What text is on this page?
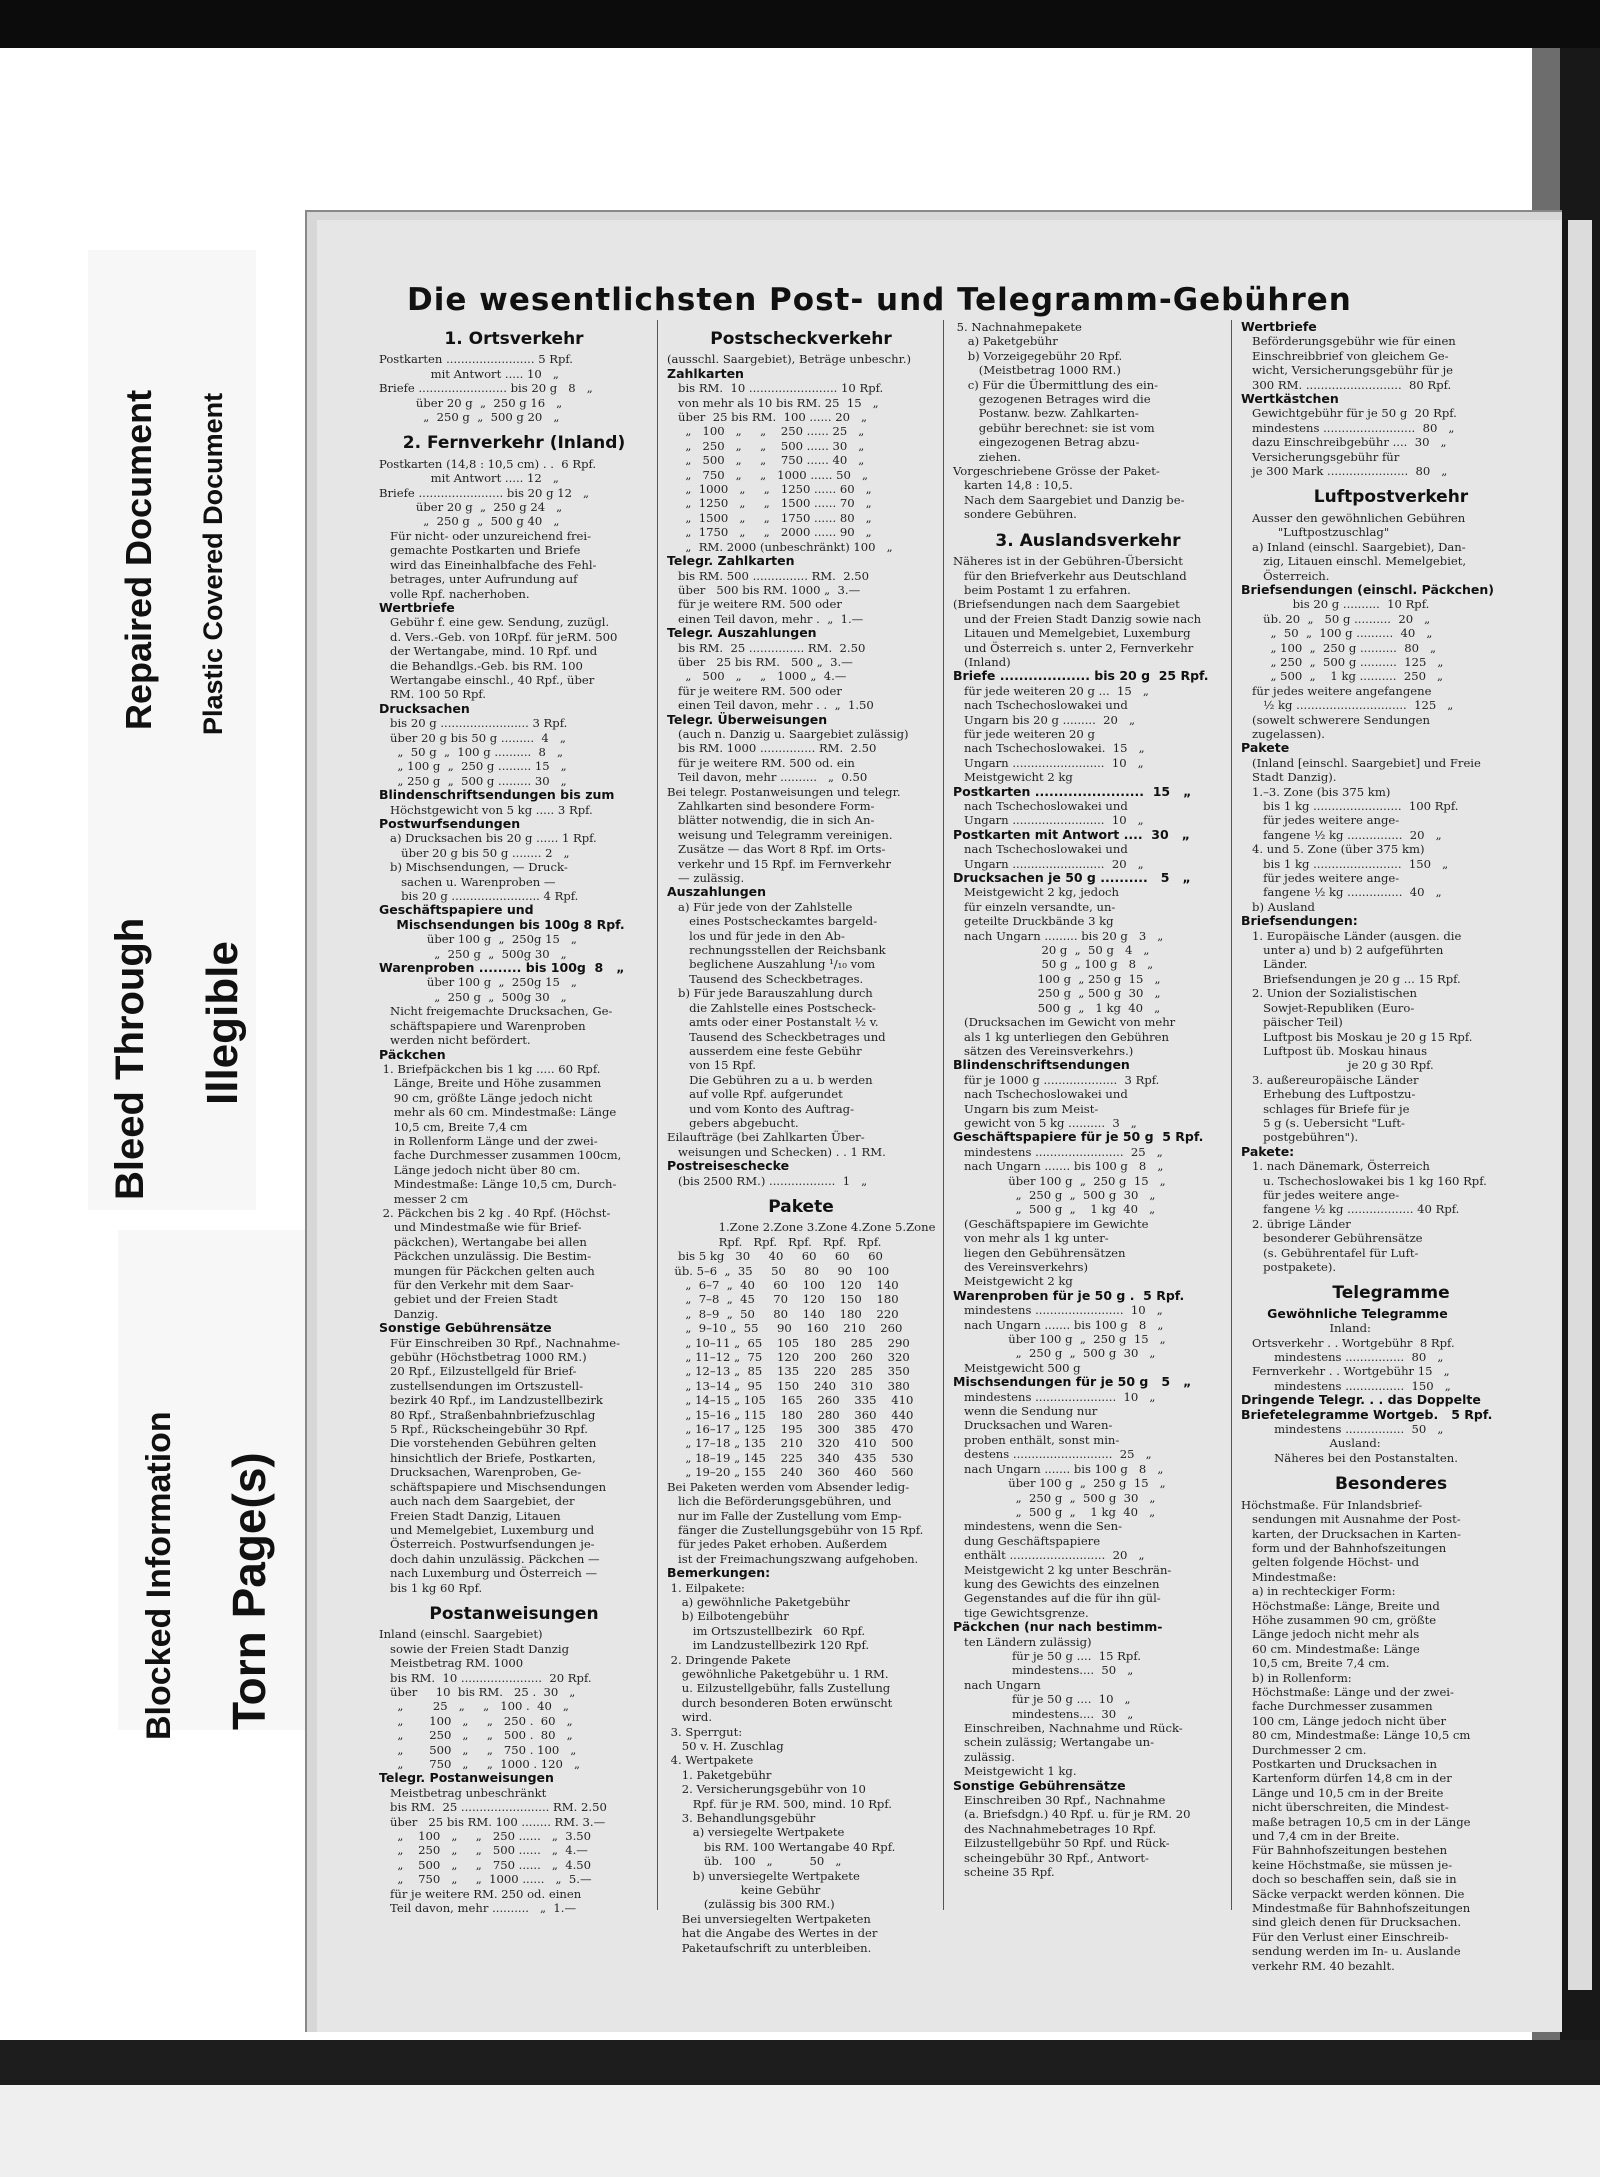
Bleed Through Illegible
Repaired Document Plastic Covered Document
Blocked Information Torn Page(s)
Die wesentlichsten Post- und Telegramm-Gebühren
1. Ortsverkehr
Postkarten ........................ 5 Rpf.
mit Antwort ..... 10   „
Briefe ........................ bis 20 g   8   „
über 20 g  „  250 g 16   „
„  250 g  „  500 g 20   „
2. Fernverkehr (Inland)
Postkarten (14,8 : 10,5 cm) . .  6 Rpf.
mit Antwort ..... 12   „
Briefe ....................... bis 20 g 12   „
über 20 g  „  250 g 24   „
„  250 g  „  500 g 40   „
Für nicht- oder unzureichend frei-
gemachte Postkarten und Briefe
wird das Eineinhalbfache des Fehl-
betrages, unter Aufrundung auf
volle Rpf. nacherhoben.
Wertbriefe
Gebühr f. eine gew. Sendung, zuzügl.
d. Vers.-Geb. von 10Rpf. für jeRM. 500
der Wertangabe, mind. 10 Rpf. und
die Behandlgs.-Geb. bis RM. 100
Wertangabe einschl., 40 Rpf., über
RM. 100 50 Rpf.
Drucksachen
bis 20 g ........................ 3 Rpf.
über 20 g bis 50 g .........  4   „
„  50 g  „  100 g ..........  8   „
„ 100 g  „  250 g ......... 15   „
„ 250 g  „  500 g ......... 30   „
Blindenschriftsendungen bis zum
Höchstgewicht von 5 kg ..... 3 Rpf.
Postwurfsendungen
a) Drucksachen bis 20 g ...... 1 Rpf.
über 20 g bis 50 g ........ 2   „
b) Mischsendungen, — Druck-
sachen u. Warenproben —
bis 20 g ........................ 4 Rpf.
Geschäftspapiere und
Mischsendungen bis 100g 8 Rpf.
über 100 g  „  250g 15   „
„  250 g  „  500g 30   „
Warenproben ......... bis 100g  8   „
über 100 g  „  250g 15   „
„  250 g  „  500g 30   „
Nicht freigemachte Drucksachen, Ge-
schäftspapiere und Warenproben
werden nicht befördert.
Päckchen
1. Briefpäckchen bis 1 kg ..... 60 Rpf.
Länge, Breite und Höhe zusammen
90 cm, größte Länge jedoch nicht
mehr als 60 cm. Mindestmaße: Länge
10,5 cm, Breite 7,4 cm
in Rollenform Länge und der zwei-
fache Durchmesser zusammen 100cm,
Länge jedoch nicht über 80 cm.
Mindestmaße: Länge 10,5 cm, Durch-
messer 2 cm
2. Päckchen bis 2 kg . 40 Rpf. (Höchst-
und Mindestmaße wie für Brief-
päckchen), Wertangabe bei allen
Päckchen unzulässig. Die Bestim-
mungen für Päckchen gelten auch
für den Verkehr mit dem Saar-
gebiet und der Freien Stadt
Danzig.
Sonstige Gebührensätze
Für Einschreiben 30 Rpf., Nachnahme-
gebühr (Höchstbetrag 1000 RM.)
20 Rpf., Eilzustellgeld für Brief-
zustellsendungen im Ortszustell-
bezirk 40 Rpf., im Landzustellbezirk
80 Rpf., Straßenbahnbriefzuschlag
5 Rpf., Rückscheingebühr 30 Rpf.
Die vorstehenden Gebühren gelten
hinsichtlich der Briefe, Postkarten,
Drucksachen, Warenproben, Ge-
schäftspapiere und Mischsendungen
auch nach dem Saargebiet, der
Freien Stadt Danzig, Litauen
und Memelgebiet, Luxemburg und
Österreich. Postwurfsendungen je-
doch dahin unzulässig. Päckchen —
nach Luxemburg und Österreich —
bis 1 kg 60 Rpf.
Postanweisungen
Inland (einschl. Saargebiet)
sowie der Freien Stadt Danzig
Meistbetrag RM. 1000
bis RM.  10 ......................  20 Rpf.
über     10  bis RM.   25 .  30   „
„        25   „     „   100 .  40   „
„       100   „     „   250 .  60   „
„       250   „     „   500 .  80   „
„       500   „     „   750 . 100   „
„       750   „     „  1000 . 120   „
Telegr. Postanweisungen
Meistbetrag unbeschränkt
bis RM.  25 ........................ RM. 2.50
über   25 bis RM. 100 ........ RM. 3.—
„    100   „     „   250 ......   „  3.50
„    250   „     „   500 ......   „  4.—
„    500   „     „   750 ......   „  4.50
„    750   „     „  1000 ......   „  5.—
für je weitere RM. 250 od. einen
Teil davon, mehr ..........   „  1.—
Postscheckverkehr
(ausschl. Saargebiet), Beträge unbeschr.)
Zahlkarten
bis RM.  10 ........................ 10 Rpf.
von mehr als 10 bis RM. 25  15   „
über  25 bis RM.  100 ...... 20   „
„   100   „     „    250 ...... 25   „
„   250   „     „    500 ...... 30   „
„   500   „     „    750 ...... 40   „
„   750   „     „   1000 ...... 50   „
„  1000   „     „   1250 ...... 60   „
„  1250   „     „   1500 ...... 70   „
„  1500   „     „   1750 ...... 80   „
„  1750   „     „   2000 ...... 90   „
„  RM. 2000 (unbeschränkt) 100   „
Telegr. Zahlkarten
bis RM. 500 ............... RM.  2.50
über   500 bis RM. 1000 „  3.—
für je weitere RM. 500 oder
einen Teil davon, mehr .  „  1.—
Telegr. Auszahlungen
bis RM.  25 ............... RM.  2.50
über   25 bis RM.   500 „  3.—
„   500   „     „   1000 „  4.—
für je weitere RM. 500 oder
einen Teil davon, mehr . .  „  1.50
Telegr. Überweisungen
(auch n. Danzig u. Saargebiet zulässig)
bis RM. 1000 ............... RM.  2.50
für je weitere RM. 500 od. ein
Teil davon, mehr ..........   „  0.50
Bei telegr. Postanweisungen und telegr.
Zahlkarten sind besondere Form-
blätter notwendig, die in sich An-
weisung und Telegramm vereinigen.
Zusätze — das Wort 8 Rpf. im Orts-
verkehr und 15 Rpf. im Fernverkehr
— zulässig.
Auszahlungen
a) Für jede von der Zahlstelle
eines Postscheckamtes bargeld-
los und für jede in den Ab-
rechnungsstellen der Reichsbank
beglichene Auszahlung ¹/₁₀ vom
Tausend des Scheckbetrages.
b) Für jede Barauszahlung durch
die Zahlstelle eines Postscheck-
amts oder einer Postanstalt ½ v.
Tausend des Scheckbetrages und
ausserdem eine feste Gebühr
von 15 Rpf.
Die Gebühren zu a u. b werden
auf volle Rpf. aufgerundet
und vom Konto des Auftrag-
gebers abgebucht.
Eilaufträge (bei Zahlkarten Über-
weisungen und Schecken) . . 1 RM.
Postreiseschecke
(bis 2500 RM.) ..................  1   „
Pakete
1.Zone 2.Zone 3.Zone 4.Zone 5.Zone
Rpf.   Rpf.   Rpf.   Rpf.   Rpf.
bis 5 kg   30     40     60     60     60
üb. 5–6  „  35     50     80     90    100
„  6–7  „  40     60    100    120    140
„  7–8  „  45     70    120    150    180
„  8–9  „  50     80    140    180    220
„  9–10 „  55     90    160    210    260
„ 10–11 „  65    105    180    285    290
„ 11–12 „  75    120    200    260    320
„ 12–13 „  85    135    220    285    350
„ 13–14 „  95    150    240    310    380
„ 14–15 „ 105    165    260    335    410
„ 15–16 „ 115    180    280    360    440
„ 16–17 „ 125    195    300    385    470
„ 17–18 „ 135    210    320    410    500
„ 18–19 „ 145    225    340    435    530
„ 19–20 „ 155    240    360    460    560
Bei Paketen werden vom Absender ledig-
lich die Beförderungsgebühren, und
nur im Falle der Zustellung vom Emp-
fänger die Zustellungsgebühr von 15 Rpf.
für jedes Paket erhoben. Außerdem
ist der Freimachungszwang aufgehoben.
Bemerkungen:
1. Eilpakete:
a) gewöhnliche Paketgebühr
b) Eilbotengebühr
im Ortszustellbezirk   60 Rpf.
im Landzustellbezirk 120 Rpf.
2. Dringende Pakete
gewöhnliche Paketgebühr u. 1 RM.
u. Eilzustellgebühr, falls Zustellung
durch besonderen Boten erwünscht
wird.
3. Sperrgut:
50 v. H. Zuschlag
4. Wertpakete
1. Paketgebühr
2. Versicherungsgebühr von 10
Rpf. für je RM. 500, mind. 10 Rpf.
3. Behandlungsgebühr
a) versiegelte Wertpakete
bis RM. 100 Wertangabe 40 Rpf.
üb.   100   „          50   „
b) unversiegelte Wertpakete
keine Gebühr
(zulässig bis 300 RM.)
Bei unversiegelten Wertpaketen
hat die Angabe des Wertes in der
Paketaufschrift zu unterbleiben.
5. Nachnahmepakete
a) Paketgebühr
b) Vorzeigegebühr 20 Rpf.
(Meistbetrag 1000 RM.)
c) Für die Übermittlung des ein-
gezogenen Betrages wird die
Postanw. bezw. Zahlkarten-
gebühr berechnet: sie ist vom
eingezogenen Betrag abzu-
ziehen.
Vorgeschriebene Grösse der Paket-
karten 14,8 : 10,5.
Nach dem Saargebiet und Danzig be-
sondere Gebühren.
3. Auslandsverkehr
Näheres ist in der Gebühren-Übersicht
für den Briefverkehr aus Deutschland
beim Postamt 1 zu erfahren.
(Briefsendungen nach dem Saargebiet
und der Freien Stadt Danzig sowie nach
Litauen und Memelgebiet, Luxemburg
und Österreich s. unter 2, Fernverkehr
(Inland)
Briefe ................... bis 20 g  25 Rpf.
für jede weiteren 20 g ...  15   „
nach Tschechoslowakei und
Ungarn bis 20 g .........  20   „
für jede weiteren 20 g
nach Tschechoslowakei.  15   „
Ungarn .........................  10   „
Meistgewicht 2 kg
Postkarten .......................  15   „
nach Tschechoslowakei und
Ungarn .........................  10   „
Postkarten mit Antwort ....  30   „
nach Tschechoslowakei und
Ungarn .........................  20   „
Drucksachen je 50 g ..........   5   „
Meistgewicht 2 kg, jedoch
für einzeln versandte, un-
geteilte Druckbände 3 kg
nach Ungarn ......... bis 20 g   3   „
20 g  „  50 g   4   „
50 g  „ 100 g   8   „
100 g  „ 250 g  15   „
250 g  „ 500 g  30   „
500 g  „   1 kg  40   „
(Drucksachen im Gewicht von mehr
als 1 kg unterliegen den Gebühren
sätzen des Vereinsverkehrs.)
Blindenschriftsendungen
für je 1000 g ....................  3 Rpf.
nach Tschechoslowakei und
Ungarn bis zum Meist-
gewicht von 5 kg ..........  3   „
Geschäftspapiere für je 50 g  5 Rpf.
mindestens ........................  25   „
nach Ungarn ....... bis 100 g   8   „
über 100 g  „  250 g  15   „
„  250 g  „  500 g  30   „
„  500 g  „    1 kg  40   „
(Geschäftspapiere im Gewichte
von mehr als 1 kg unter-
liegen den Gebührensätzen
des Vereinsverkehrs)
Meistgewicht 2 kg
Warenproben für je 50 g .  5 Rpf.
mindestens ........................  10   „
nach Ungarn ....... bis 100 g   8   „
über 100 g  „  250 g  15   „
„  250 g  „  500 g  30   „
Meistgewicht 500 g
Mischsendungen für je 50 g   5   „
mindestens ......................  10   „
wenn die Sendung nur
Drucksachen und Waren-
proben enthält, sonst min-
destens ...........................  25   „
nach Ungarn ....... bis 100 g   8   „
über 100 g  „  250 g  15   „
„  250 g  „  500 g  30   „
„  500 g  „    1 kg  40   „
mindestens, wenn die Sen-
dung Geschäftspapiere
enthält ..........................  20   „
Meistgewicht 2 kg unter Beschrän-
kung des Gewichts des einzelnen
Gegenstandes auf die für ihn gül-
tige Gewichtsgrenze.
Päckchen (nur nach bestimm-
ten Ländern zulässig)
für je 50 g ....  15 Rpf.
mindestens....  50   „
nach Ungarn
für je 50 g ....  10   „
mindestens....  30   „
Einschreiben, Nachnahme und Rück-
schein zulässig; Wertangabe un-
zulässig.
Meistgewicht 1 kg.
Sonstige Gebührensätze
Einschreiben 30 Rpf., Nachnahme
(a. Briefsdgn.) 40 Rpf. u. für je RM. 20
des Nachnahmebetrages 10 Rpf.
Eilzustellgebühr 50 Rpf. und Rück-
scheingebühr 30 Rpf., Antwort-
scheine 35 Rpf.
Wertbriefe
Beförderungsgebühr wie für einen
Einschreibbrief von gleichem Ge-
wicht, Versicherungsgebühr für je
300 RM. ..........................  80 Rpf.
Wertkästchen
Gewichtgebühr für je 50 g  20 Rpf.
mindestens .........................  80   „
dazu Einschreibgebühr ....  30   „
Versicherungsgebühr für
je 300 Mark ......................  80   „
Luftpostverkehr
Ausser den gewöhnlichen Gebühren
"Luftpostzuschlag"
a) Inland (einschl. Saargebiet), Dan-
zig, Litauen einschl. Memelgebiet,
Österreich.
Briefsendungen (einschl. Päckchen)
bis 20 g ..........  10 Rpf.
üb. 20  „   50 g ..........  20   „
„  50  „  100 g ..........  40   „
„ 100  „  250 g ..........  80   „
„ 250  „  500 g ..........  125   „
„ 500  „    1 kg ..........  250   „
für jedes weitere angefangene
½ kg ..............................  125   „
(sowelt schwerere Sendungen
zugelassen).
Pakete
(Inland [einschl. Saargebiet] und Freie
Stadt Danzig).
1.–3. Zone (bis 375 km)
bis 1 kg ........................  100 Rpf.
für jedes weitere ange-
fangene ½ kg ...............  20   „
4. und 5. Zone (über 375 km)
bis 1 kg ........................  150   „
für jedes weitere ange-
fangene ½ kg ...............  40   „
b) Ausland
Briefsendungen:
1. Europäische Länder (ausgen. die
unter a) und b) 2 aufgeführten
Länder.
Briefsendungen je 20 g ... 15 Rpf.
2. Union der Sozialistischen
Sowjet-Republiken (Euro-
päischer Teil)
Luftpost bis Moskau je 20 g 15 Rpf.
Luftpost üb. Moskau hinaus
je 20 g 30 Rpf.
3. außereuropäische Länder
Erhebung des Luftpostzu-
schlages für Briefe für je
5 g (s. Uebersicht "Luft-
postgebühren").
Pakete:
1. nach Dänemark, Österreich
u. Tschechoslowakei bis 1 kg 160 Rpf.
für jedes weitere ange-
fangene ½ kg .................. 40 Rpf.
2. übrige Länder
besonderer Gebührensätze
(s. Gebührentafel für Luft-
postpakete).
Telegramme
Gewöhnliche Telegramme
Inland:
Ortsverkehr . . Wortgebühr  8 Rpf.
mindestens ................  80   „
Fernverkehr . . Wortgebühr 15   „
mindestens ................  150   „
Dringende Telegr. . . das Doppelte
Briefetelegramme Wortgeb.   5 Rpf.
mindestens ................  50   „
Ausland:
Näheres bei den Postanstalten.
Besonderes
Höchstmaße. Für Inlandsbrief-
sendungen mit Ausnahme der Post-
karten, der Drucksachen in Karten-
form und der Bahnhofszeitungen
gelten folgende Höchst- und
Mindestmaße:
a) in rechteckiger Form:
Höchstmaße: Länge, Breite und
Höhe zusammen 90 cm, größte
Länge jedoch nicht mehr als
60 cm. Mindestmaße: Länge
10,5 cm, Breite 7,4 cm.
b) in Rollenform:
Höchstmaße: Länge und der zwei-
fache Durchmesser zusammen
100 cm, Länge jedoch nicht über
80 cm, Mindestmaße: Länge 10,5 cm
Durchmesser 2 cm.
Postkarten und Drucksachen in
Kartenform dürfen 14,8 cm in der
Länge und 10,5 cm in der Breite
nicht überschreiten, die Mindest-
maße betragen 10,5 cm in der Länge
und 7,4 cm in der Breite.
Für Bahnhofszeitungen bestehen
keine Höchstmaße, sie müssen je-
doch so beschaffen sein, daß sie in
Säcke verpackt werden können. Die
Mindestmaße für Bahnhofszeitungen
sind gleich denen für Drucksachen.
Für den Verlust einer Einschreib-
sendung werden im In- u. Auslande
verkehr RM. 40 bezahlt.
